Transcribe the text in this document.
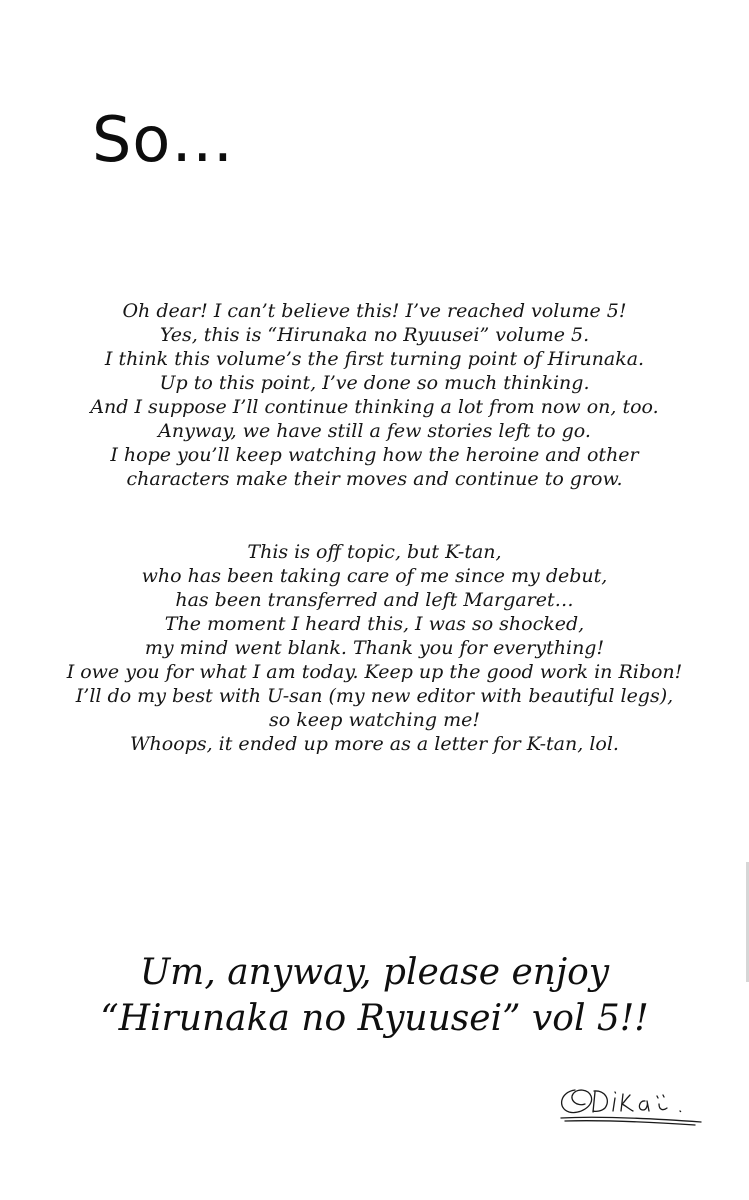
So…

Oh dear! I can’t believe this! I’ve reached volume 5!

Yes, this is “Hirunaka no Ryuusei” volume 5.

I think this volume’s the first turning point of Hirunaka.

Up to this point, I’ve done so much thinking.

And I suppose I’ll continue thinking a lot from now on, too.

Anyway, we have still a few stories left to go.

I hope you’ll keep watching how the heroine and other

characters make their moves and continue to grow.

This is off topic, but K-tan,

who has been taking care of me since my debut,

has been transferred and left Margaret…

The moment I heard this, I was so shocked,

my mind went blank. Thank you for everything!

I owe you for what I am today. Keep up the good work in Ribon!

I’ll do my best with U-san (my new editor with beautiful legs),

so keep watching me!

Whoops, it ended up more as a letter for K-tan, lol.

Um, anyway, please enjoy

“Hirunaka no Ryuusei” vol 5!!
